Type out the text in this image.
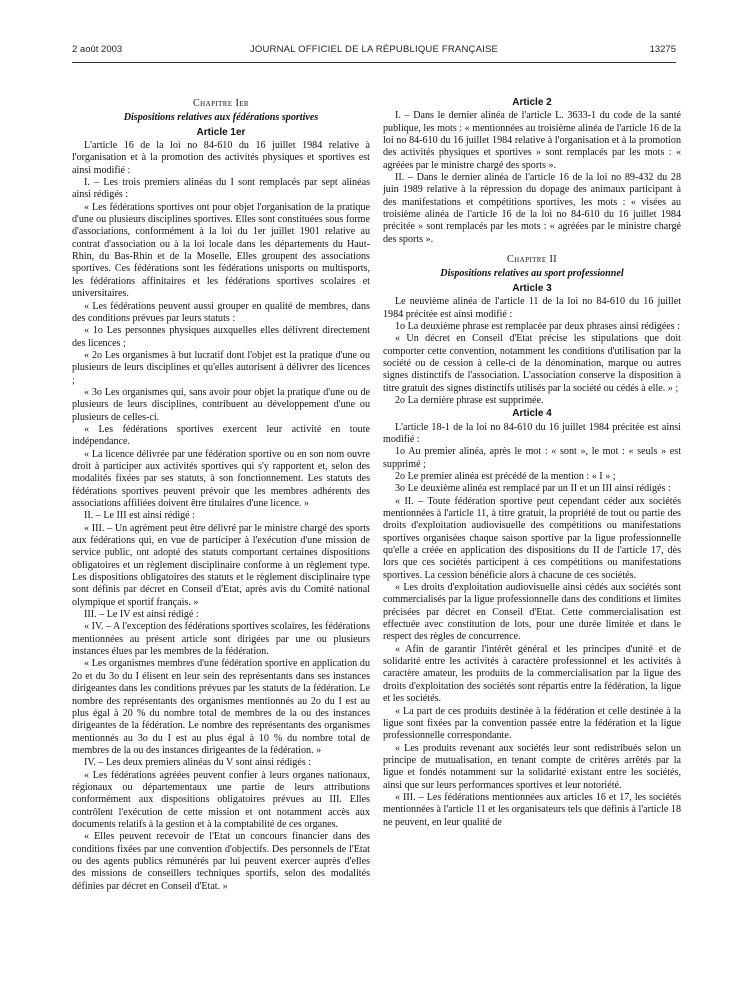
2 août 2003	JOURNAL OFFICIEL DE LA RÉPUBLIQUE FRANÇAISE	13275

Chapitre Ier

Dispositions relatives aux fédérations sportives

Article 1er

L'article 16 de la loi no 84-610 du 16 juillet 1984 relative à l'organisation et à la promotion des activités physiques et sportives est ainsi modifié :

I. – Les trois premiers alinéas du I sont remplacés par sept alinéas ainsi rédigés :

« Les fédérations sportives ont pour objet l'organisation de la pratique d'une ou plusieurs disciplines sportives. Elles sont constituées sous forme d'associations, conformément à la loi du 1er juillet 1901 relative au contrat d'association ou à la loi locale dans les départements du Haut-Rhin, du Bas-Rhin et de la Moselle. Elles groupent des associations sportives. Ces fédérations sont les fédérations unisports ou multisports, les fédérations affinitaires et les fédérations sportives scolaires et universitaires.

« Les fédérations peuvent aussi grouper en qualité de membres, dans des conditions prévues par leurs statuts :

« 1o Les personnes physiques auxquelles elles délivrent directement des licences ;

« 2o Les organismes à but lucratif dont l'objet est la pratique d'une ou plusieurs de leurs disciplines et qu'elles autorisent à délivrer des licences ;

« 3o Les organismes qui, sans avoir pour objet la pratique d'une ou de plusieurs de leurs disciplines, contribuent au développement d'une ou plusieurs de celles-ci.

« Les fédérations sportives exercent leur activité en toute indépendance.

« La licence délivrée par une fédération sportive ou en son nom ouvre droit à participer aux activités sportives qui s'y rapportent et, selon des modalités fixées par ses statuts, à son fonctionnement. Les statuts des fédérations sportives peuvent prévoir que les membres adhérents des associations affiliées doivent être titulaires d'une licence. »

II. – Le III est ainsi rédigé :

« III. – Un agrément peut être délivré par le ministre chargé des sports aux fédérations qui, en vue de participer à l'exécution d'une mission de service public, ont adopté des statuts comportant certaines dispositions obligatoires et un règlement disciplinaire conforme à un règlement type. Les dispositions obligatoires des statuts et le règlement disciplinaire type sont définis par décret en Conseil d'Etat, après avis du Comité national olympique et sportif français. »

III. – Le IV est ainsi rédigé :

« IV. – A l'exception des fédérations sportives scolaires, les fédérations mentionnées au présent article sont dirigées par une ou plusieurs instances élues par les membres de la fédération.

« Les organismes membres d'une fédération sportive en application du 2o et du 3o du I élisent en leur sein des représentants dans ses instances dirigeantes dans les conditions prévues par les statuts de la fédération. Le nombre des représentants des organismes mentionnés au 2o du I est au plus égal à 20 % du nombre total de membres de la ou des instances dirigeantes de la fédération. Le nombre des représentants des organismes mentionnés au 3o du I est au plus égal à 10 % du nombre total de membres de la ou des instances dirigeantes de la fédération. »

IV. – Les deux premiers alinéas du V sont ainsi rédigés :

« Les fédérations agréées peuvent confier à leurs organes nationaux, régionaux ou départementaux une partie de leurs attributions conformément aux dispositions obligatoires prévues au III. Elles contrôlent l'exécution de cette mission et ont notamment accès aux documents relatifs à la gestion et à la comptabilité de ces organes.

« Elles peuvent recevoir de l'Etat un concours financier dans des conditions fixées par une convention d'objectifs. Des personnels de l'Etat ou des agents publics rémunérés par lui peuvent exercer auprès d'elles des missions de conseillers techniques sportifs, selon des modalités définies par décret en Conseil d'Etat. »

Article 2

I. – Dans le dernier alinéa de l'article L. 3633-1 du code de la santé publique, les mots : « mentionnées au troisième alinéa de l'article 16 de la loi no 84-610 du 16 juillet 1984 relative à l'organisation et à la promotion des activités physiques et sportives » sont remplacés par les mots : « agréées par le ministre chargé des sports ».

II. – Dans le dernier alinéa de l'article 16 de la loi no 89-432 du 28 juin 1989 relative à la répression du dopage des animaux participant à des manifestations et compétitions sportives, les mots : « visées au troisième alinéa de l'article 16 de la loi no 84-610 du 16 juillet 1984 précitée » sont remplacés par les mots : « agréées par le ministre chargé des sports ».

Chapitre II

Dispositions relatives au sport professionnel

Article 3

Le neuvième alinéa de l'article 11 de la loi no 84-610 du 16 juillet 1984 précitée est ainsi modifié :

1o La deuxième phrase est remplacée par deux phrases ainsi rédigées :

« Un décret en Conseil d'Etat précise les stipulations que doit comporter cette convention, notamment les conditions d'utilisation par la société ou de cession à celle-ci de la dénomination, marque ou autres signes distinctifs de l'association. L'association conserve la disposition à titre gratuit des signes distinctifs utilisés par la société ou cédés à elle. » ;

2o La dernière phrase est supprimée.

Article 4

L'article 18-1 de la loi no 84-610 du 16 juillet 1984 précitée est ainsi modifié :

1o Au premier alinéa, après le mot : « sont », le mot : « seuls » est supprimé ;

2o Le premier alinéa est précédé de la mention : « I » ;

3o Le deuxième alinéa est remplacé par un II et un III ainsi rédigés :

« II. – Toute fédération sportive peut cependant céder aux sociétés mentionnées à l'article 11, à titre gratuit, la propriété de tout ou partie des droits d'exploitation audiovisuelle des compétitions ou manifestations sportives organisées chaque saison sportive par la ligue professionnelle qu'elle a créée en application des dispositions du II de l'article 17, dès lors que ces sociétés participent à ces compétitions ou manifestations sportives. La cession bénéficie alors à chacune de ces sociétés.

« Les droits d'exploitation audiovisuelle ainsi cédés aux sociétés sont commercialisés par la ligue professionnelle dans des conditions et limites précisées par décret en Conseil d'Etat. Cette commercialisation est effectuée avec constitution de lots, pour une durée limitée et dans le respect des règles de concurrence.

« Afin de garantir l'intérêt général et les principes d'unité et de solidarité entre les activités à caractère professionnel et les activités à caractère amateur, les produits de la commercialisation par la ligue des droits d'exploitation des sociétés sont répartis entre la fédération, la ligue et les sociétés.

« La part de ces produits destinée à la fédération et celle destinée à la ligue sont fixées par la convention passée entre la fédération et la ligue professionnelle correspondante.

« Les produits revenant aux sociétés leur sont redistribués selon un principe de mutualisation, en tenant compte de critères arrêtés par la ligue et fondés notamment sur la solidarité existant entre les sociétés, ainsi que sur leurs performances sportives et leur notoriété.

« III. – Les fédérations mentionnées aux articles 16 et 17, les sociétés mentionnées à l'article 11 et les organisateurs tels que définis à l'article 18 ne peuvent, en leur qualité de
